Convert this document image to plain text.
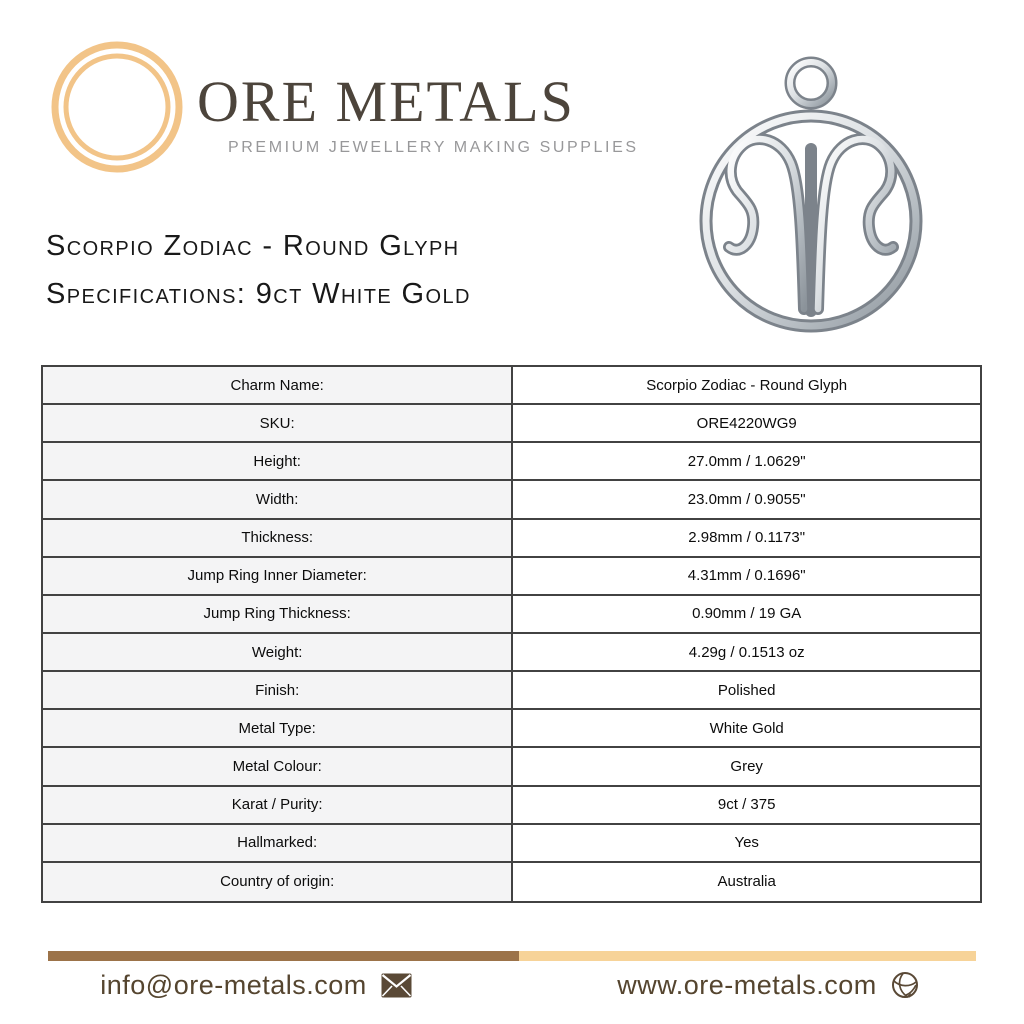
ORE METALS
PREMIUM JEWELLERY MAKING SUPPLIES
Scorpio Zodiac - Round Glyph
Specifications: 9ct White Gold
Charm Name:	Scorpio Zodiac - Round Glyph
SKU:	ORE4220WG9
Height:	27.0mm / 1.0629"
Width:	23.0mm / 0.9055"
Thickness:	2.98mm / 0.1173"
Jump Ring Inner Diameter:	4.31mm / 0.1696"
Jump Ring Thickness:	0.90mm / 19 GA
Weight:	4.29g / 0.1513 oz
Finish:	Polished
Metal Type:	White Gold
Metal Colour:	Grey
Karat / Purity:	9ct / 375
Hallmarked:	Yes
Country of origin:	Australia
info@ore-metals.com	www.ore-metals.com
